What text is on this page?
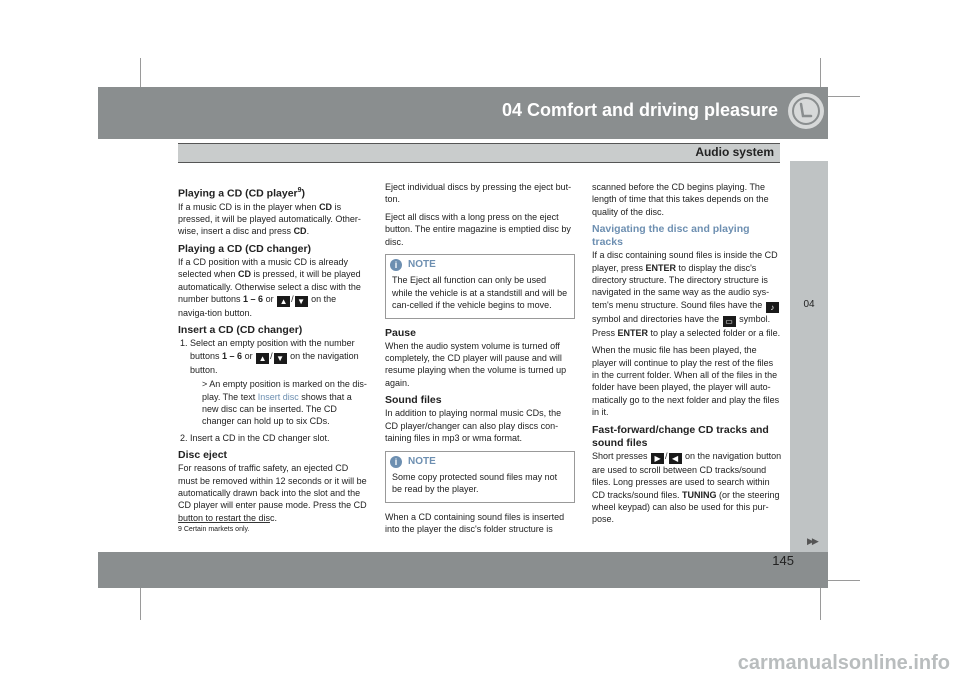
04 Comfort and driving pleasure
Audio system
04
Playing a CD (CD player$^9$)

If a music CD is in the player when CD is pressed, it will be played automatically. Other-wise, insert a disc and press CD.

Playing a CD (CD changer)

If a CD position with a music CD is already selected when CD is pressed, it will be played automatically. Otherwise select a disc with the number buttons 1 – 6 or ▲ / ▼ on the naviga-tion button.

Insert a CD (CD changer)
1. Select an empty position with the number buttons 1 – 6 or ▲ / ▼ on the navigation button.
> An empty position is marked on the dis-play. The text Insert disc shows that a new disc can be inserted. The CD changer can hold up to six CDs.
2. Insert a CD in the CD changer slot.
Disc eject

For reasons of traffic safety, an ejected CD must be removed within 12 seconds or it will be automatically drawn back into the slot and the CD player will enter pause mode. Press the CD button to restart the disc.

Eject individual discs by pressing the eject but-ton.

Eject all discs with a long press on the eject button. The entire magazine is emptied disc by disc.

i	NOTE
The Eject all function can only be used while the vehicle is at a standstill and will be can-celled if the vehicle begins to move.
Pause

When the audio system volume is turned off completely, the CD player will pause and will resume playing when the volume is turned up again.

Sound files

In addition to playing normal music CDs, the CD player/changer can also play discs con-taining files in mp3 or wma format.

i	NOTE
Some copy protected sound files may not be read by the player.

When a CD containing sound files is inserted into the player the disc's folder structure is

scanned before the CD begins playing. The length of time that this takes depends on the quality of the disc.

Navigating the disc and playing tracks

If a disc containing sound files is inside the CD player, press ENTER to display the disc's directory structure. The directory structure is navigated in the same way as the audio sys-tem's menu structure. Sound files have the ♪ symbol and directories have the ▭ symbol. Press ENTER to play a selected folder or a file.

When the music file has been played, the player will continue to play the rest of the files in the current folder. When all of the files in the folder have been played, the player will auto-matically go to the next folder and play the files in it.

Fast-forward/change CD tracks and sound files

Short presses ▶ / ◀ on the navigation button are used to scroll between CD tracks/sound files. Long presses are used to search within CD tracks/sound files. TUNING (or the steering wheel keypad) can also be used for this pur-pose.

9 Certain markets only.
▶▶
145
carmanualsonline.info
